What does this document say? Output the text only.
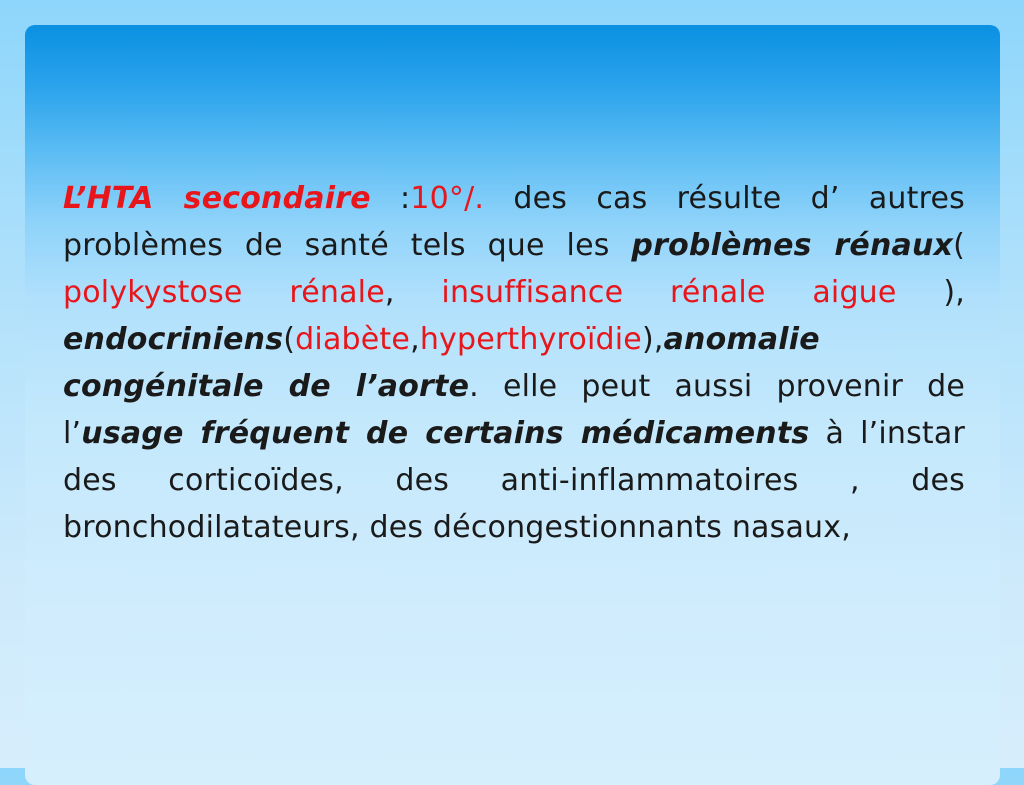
L’HTA secondaire :10°/. des cas résulte d’ autres

problèmes de santé tels que les problèmes rénaux(

polykystose rénale, insuffisance rénale aigue ),

endocriniens(diabète,hyperthyroïdie),anomalie

congénitale de l’aorte. elle peut aussi provenir de

l’usage fréquent de certains médicaments à l’instar

des corticoïdes, des anti-inflammatoires , des

bronchodilatateurs, des décongestionnants nasaux,
